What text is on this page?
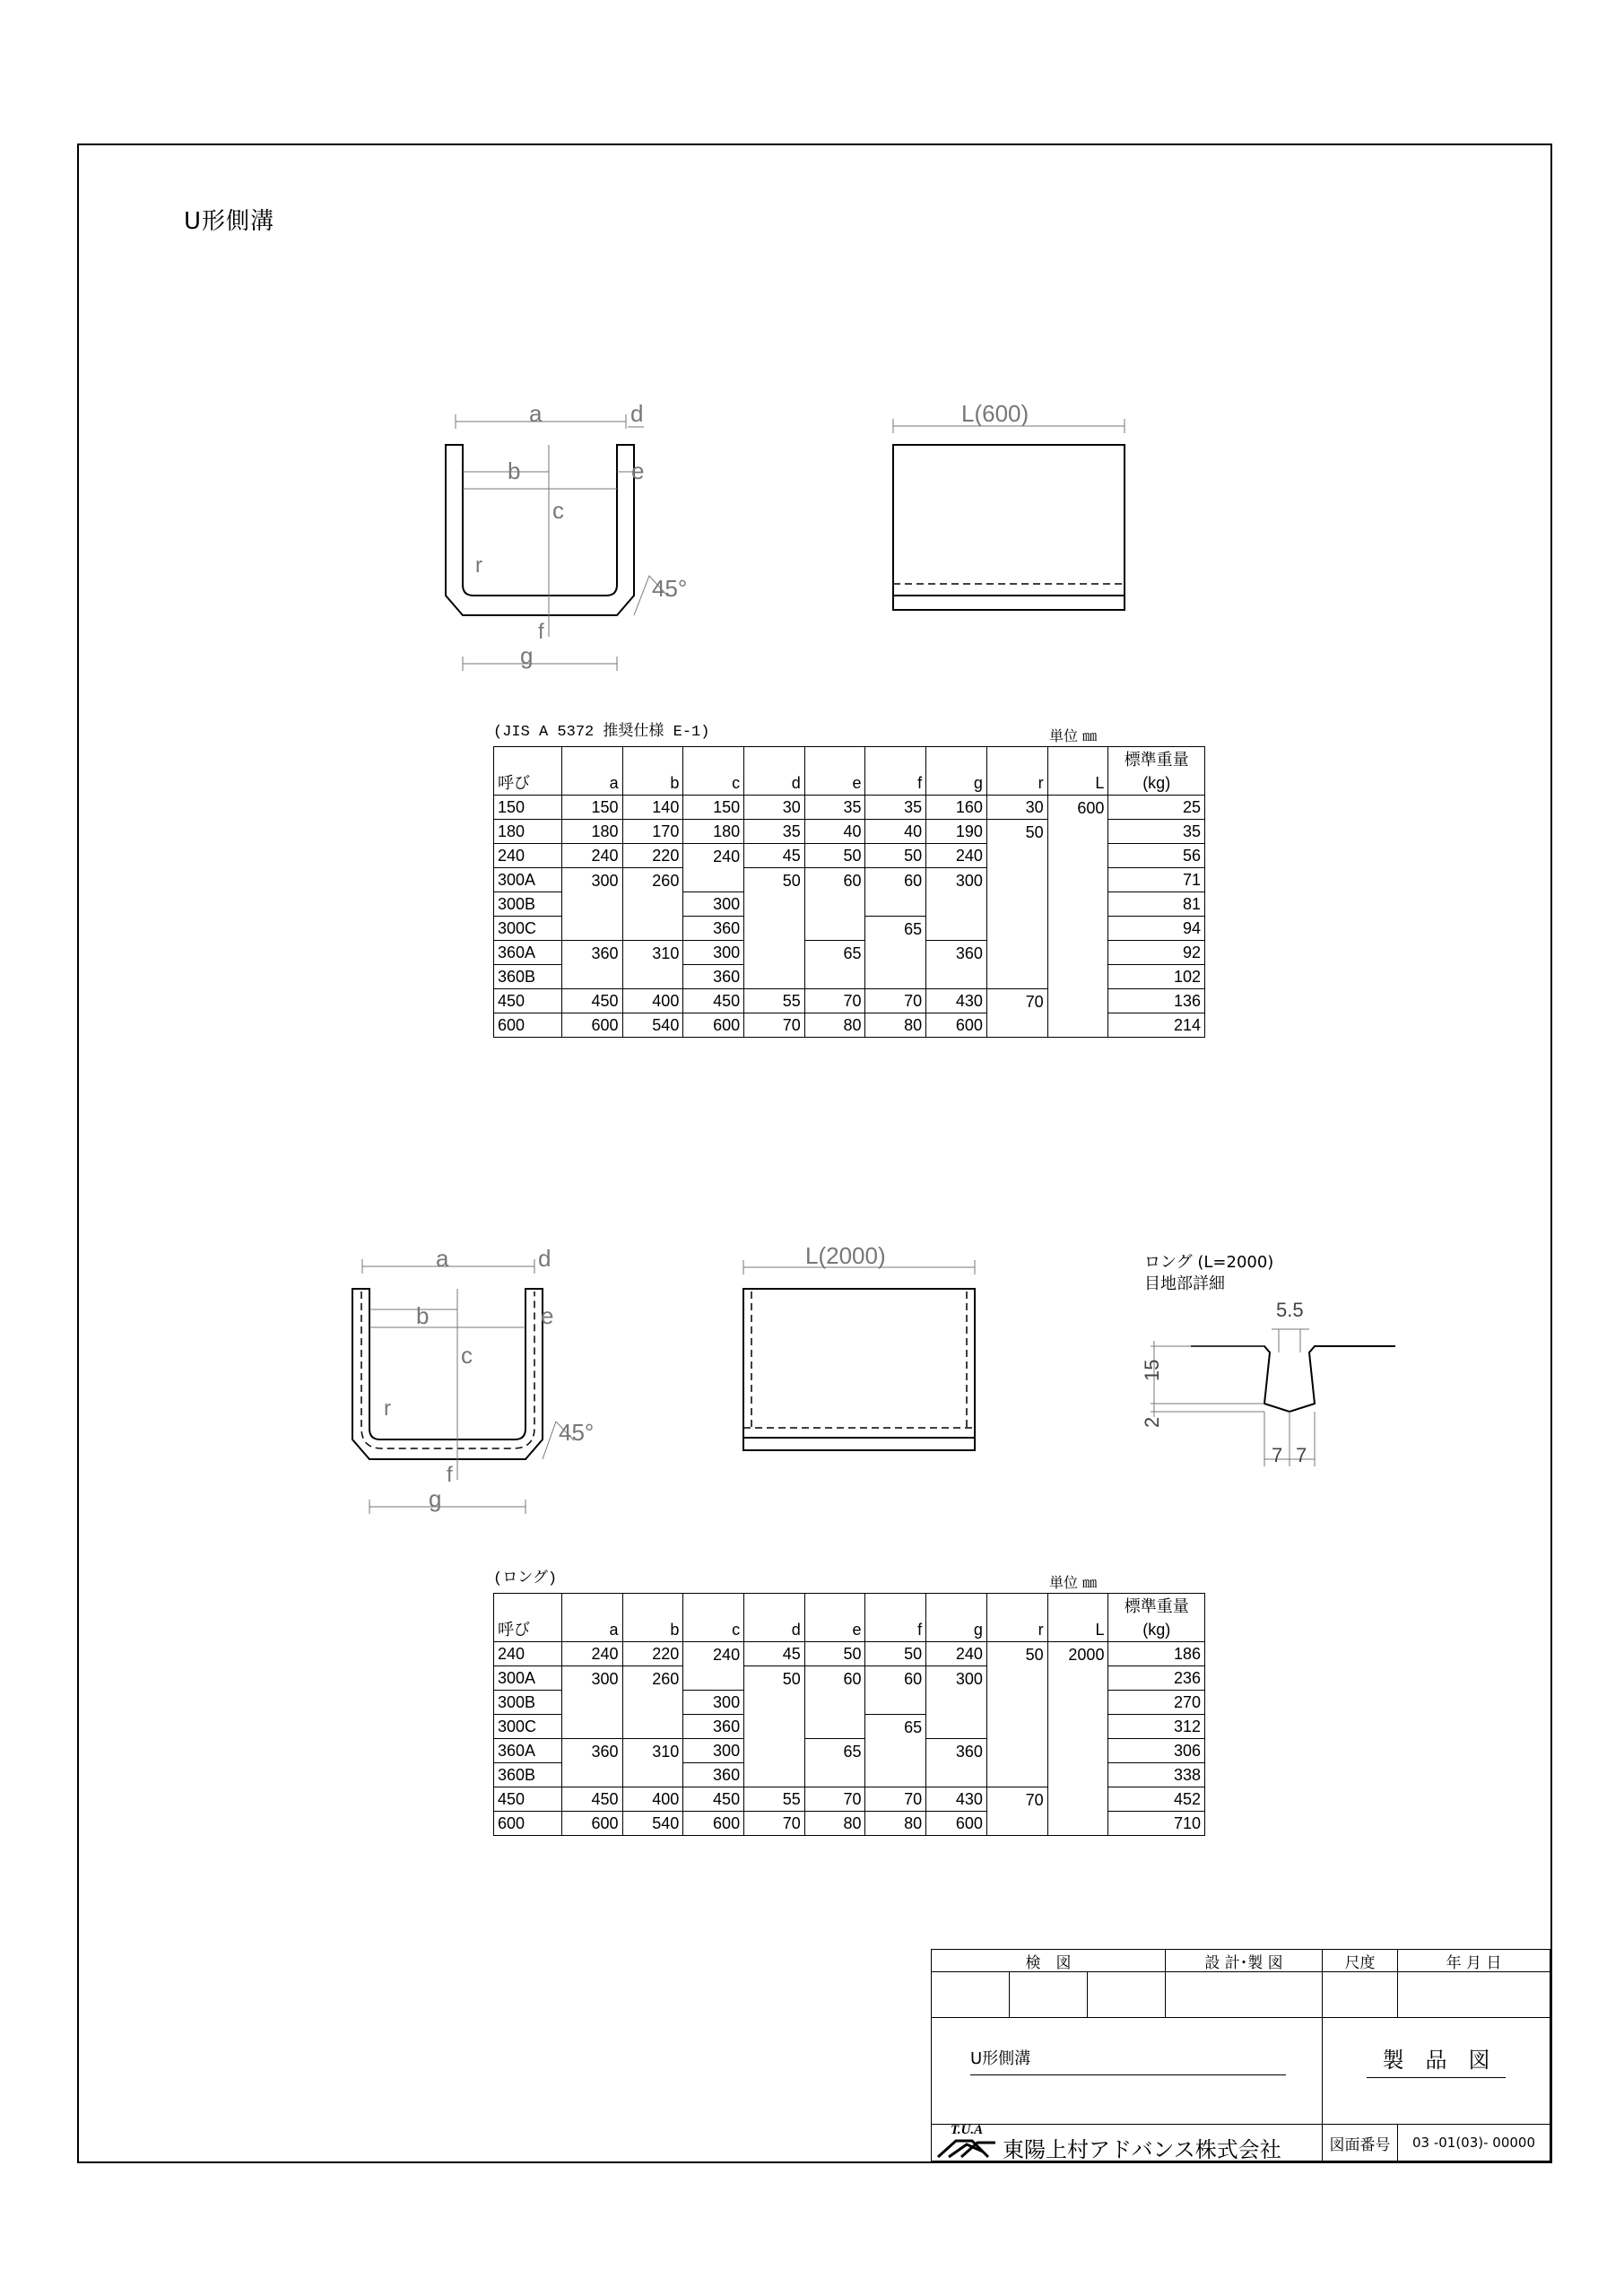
U形側溝
a	d
b	e
c
r
f
g
45°
L(600)
a	d
b	e
c
r
f
g
45°
L(2000)
5.5
15
2
7 7
ロング (L=2000)
目地部詳細
(JIS A 5372 推奨仕様 E-1)	単位 ㎜
										標準重量
呼び	a	b	c	d	e	f	g	r	L	(kg)
150	150	140	150	30	35	35	160	30	600	25
180	180	170	180	35	40	40	190	50		35
240	240	220	240	45	50	50	240			56
300A	300	260		50	60	60	300			71
300B			300							81
300C			360			65				94
360A	360	310	300		65		360			92
360B			360							102
450	450	400	450	55	70	70	430	70		136
600	600	540	600	70	80	80	600			214
(ロング)	単位 ㎜
										標準重量
呼び	a	b	c	d	e	f	g	r	L	(kg)
240	240	220	240	45	50	50	240	50	2000	186
300A	300	260		50	60	60	300			236
300B			300							270
300C			360			65				312
360A	360	310	300		65		360			306
360B			360							338
450	450	400	450	55	70	70	430	70		452
600	600	540	600	70	80	80	600			710
検　図	設 計･製 図	尺度	年 月 日
図面番号	03 -01(03)- 00000
U形側溝	製　品　図
T.U.A
東陽上村アドバンス株式会社
